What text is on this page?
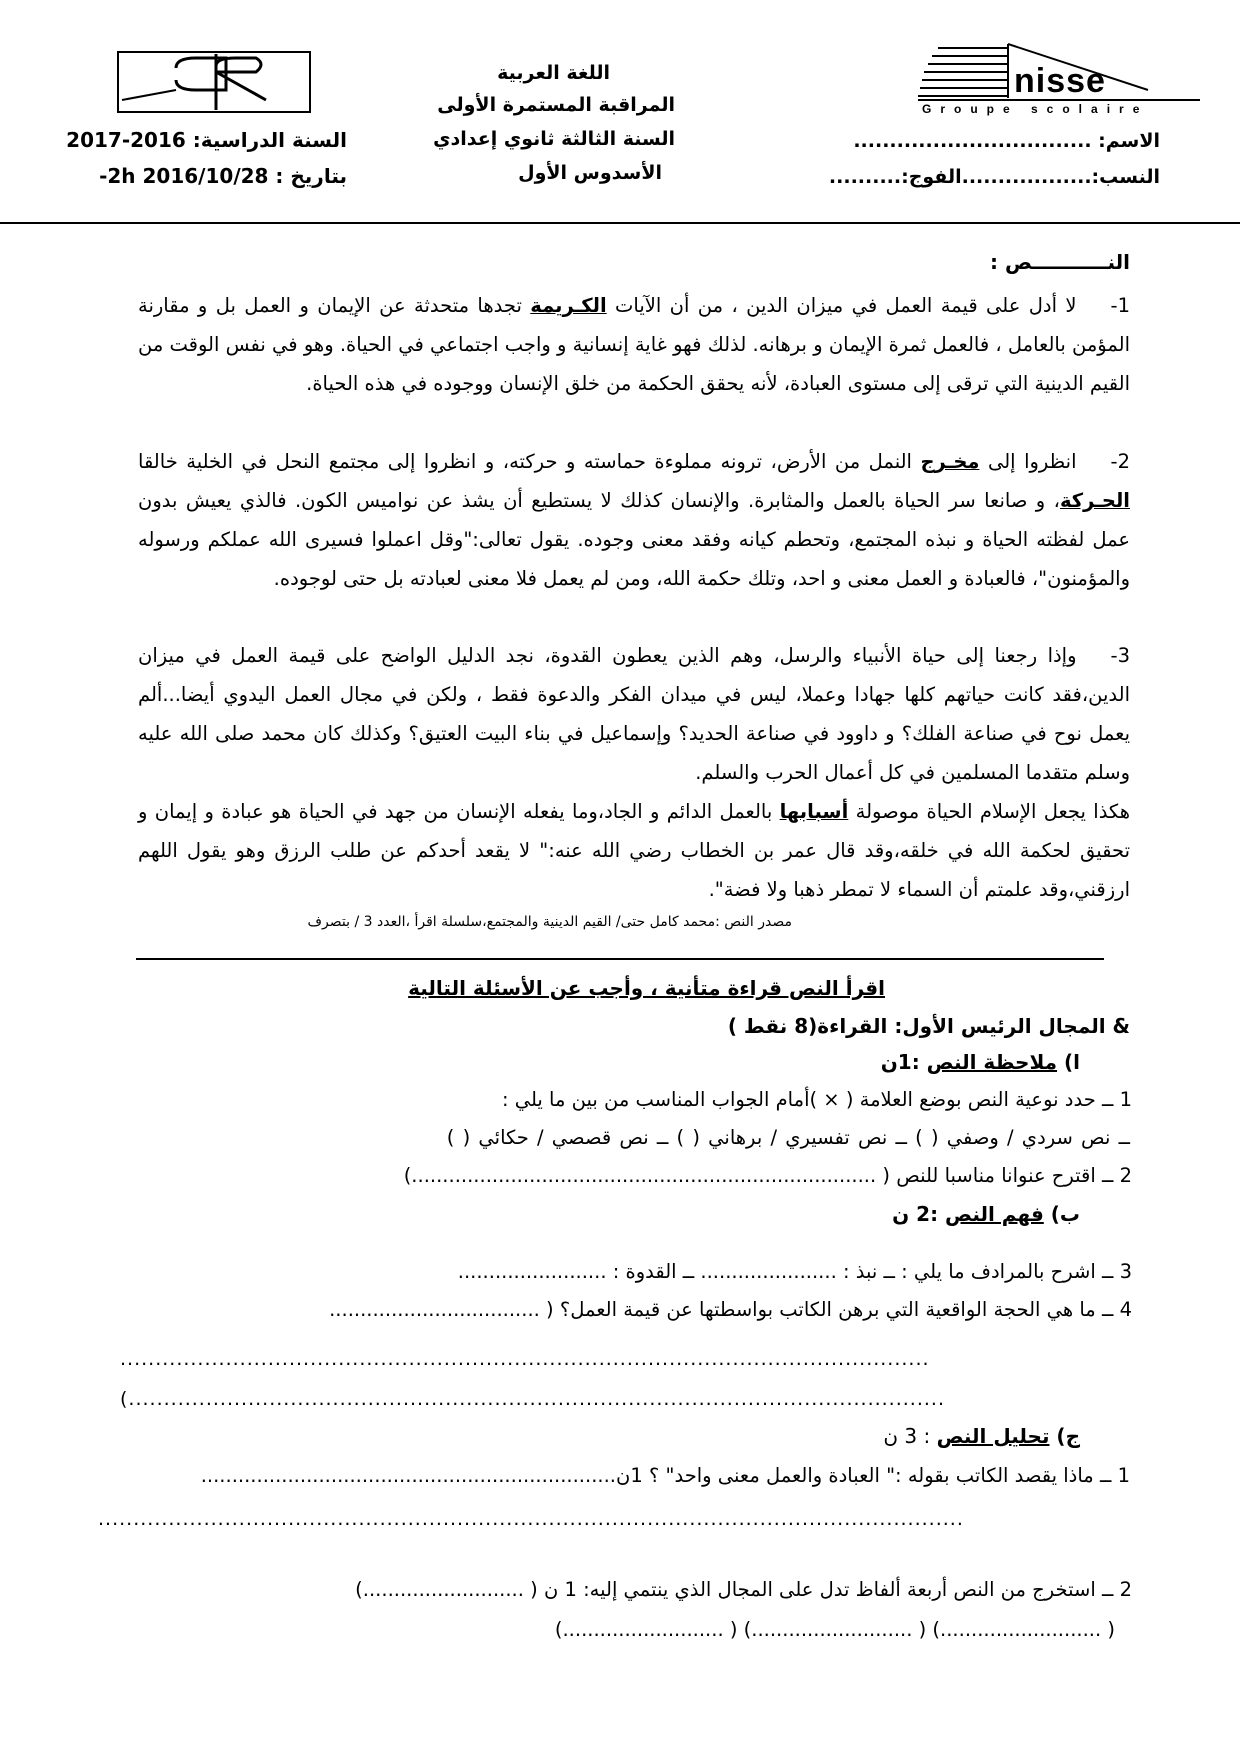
nisse
Groupe scolaire
اللغة العربية
المراقبة المستمرة الأولى
السنة الثالثة ثانوي إعدادي
الأسدوس الأول
السنة الدراسية: 2016-2017
بتاريخ : 2016/10/28 2h-
الاسم: .................................
النسب:..................الفوج:..........
النـــــــــــص :
1-لا أدل على قيمة العمل في ميزان الدين ، من أن الآيات الكـريمة تجدها متحدثة عن الإيمان و العمل بل و مقارنة المؤمن بالعامل ، فالعمل ثمرة الإيمان و برهانه. لذلك فهو غاية إنسانية و واجب اجتماعي في الحياة. وهو في نفس الوقت من القيم الدينية التي ترقى إلى مستوى العبادة، لأنه يحقق الحكمة من خلق الإنسان ووجوده في هذه الحياة.
2-انظروا إلى مخـرج النمل من الأرض، ترونه مملوءة حماسته و حركته، و انظروا إلى مجتمع النحل في الخلية خالقا الحـركة، و صانعا سر الحياة بالعمل والمثابرة. والإنسان كذلك لا يستطيع أن يشذ عن نواميس الكون. فالذي يعيش بدون عمل لفظته الحياة و نبذه المجتمع، وتحطم كيانه وفقد معنى وجوده. يقول تعالى:"وقل اعملوا فسيرى الله عملكم ورسوله والمؤمنون"، فالعبادة و العمل معنى و احد، وتلك حكمة الله، ومن لم يعمل فلا معنى لعبادته بل حتى لوجوده.
3-وإذا رجعنا إلى حياة الأنبياء والرسل، وهم الذين يعطون القدوة، نجد الدليل الواضح على قيمة العمل في ميزان الدين،فقد كانت حياتهم كلها جهادا وعملا، ليس في ميدان الفكر والدعوة فقط ، ولكن في مجال العمل اليدوي أيضا...ألم يعمل نوح في صناعة الفلك؟ و داوود في صناعة الحديد؟ وإسماعيل في بناء البيت العتيق؟ وكذلك كان محمد صلى الله عليه وسلم متقدما المسلمين في كل أعمال الحرب والسلم.
هكذا يجعل الإسلام الحياة موصولة أسبابها بالعمل الدائم و الجاد،وما يفعله الإنسان من جهد في الحياة هو عبادة و إيمان و تحقيق لحكمة الله في خلقه،وقد قال عمر بن الخطاب رضي الله عنه:" لا يقعد أحدكم عن طلب الرزق وهو يقول اللهم ارزقني،وقد علمتم أن السماء لا تمطر ذهبا ولا فضة".
مصدر النص :محمد كامل حتى/ القيم الدينية والمجتمع،سلسلة اقرأ ،العدد 3 / بتصرف
اقرأ النص قراءة متأنية ، وأجب عن الأسئلة التالية
& المجال الرئيس الأول: القراءة(8 نقط )
ا) ملاحظة النص :1ن
1 ــ حدد نوعية النص بوضع العلامة ( × )أمام الجواب المناسب من بين ما يلي :
ــ نص سردي / وصفي ( ) ــ نص تفسيري / برهاني ( ) ــ نص قصصي / حكائي ( )
2 ــ اقترح عنوانا مناسبا للنص ( ...........................................................................)
ب) فهم النص :2 ن
3 ــ اشرح بالمرادف ما يلي : ــ نبذ : ...................... ــ القدوة : ........................
4 ــ ما هي الحجة الواقعية التي برهن الكاتب بواسطتها عن قيمة العمل؟ ( ..................................
...................................................................................................................
....................................................................................................................)
ج) تحليل النص : 3 ن
1 ــ ماذا يقصد الكاتب بقوله :" العبادة والعمل معنى واحد" ؟ 1ن...................................................................
...........................................................................................................................
2 ــ استخرج من النص أربعة ألفاظ تدل على المجال الذي ينتمي إليه: 1 ن ( ..........................)
( ..........................) ( ..........................) ( ..........................)
